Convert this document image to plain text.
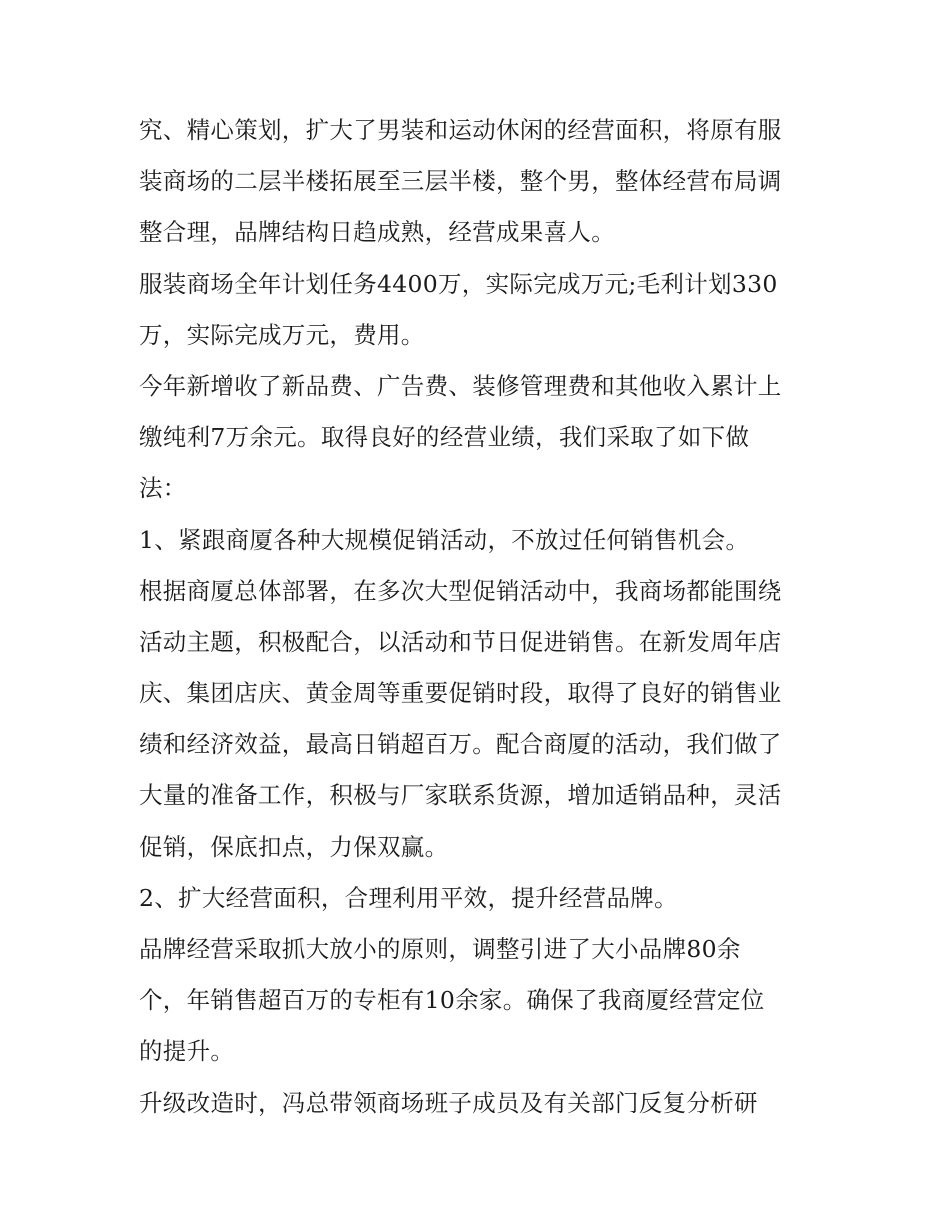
究、精心策划，扩大了男装和运动休闲的经营面积，将原有服
装商场的二层半楼拓展至三层半楼，整个男，整体经营布局调
整合理，品牌结构日趋成熟，经营成果喜人。
服装商场全年计划任务4400万，实际完成万元;毛利计划330
万，实际完成万元，费用。
今年新增收了新品费、广告费、装修管理费和其他收入累计上
缴纯利7万余元。取得良好的经营业绩，我们采取了如下做
法：
1、紧跟商厦各种大规模促销活动，不放过任何销售机会。
根据商厦总体部署，在多次大型促销活动中，我商场都能围绕
活动主题，积极配合，以活动和节日促进销售。在新发周年店
庆、集团店庆、黄金周等重要促销时段，取得了良好的销售业
绩和经济效益，最高日销超百万。配合商厦的活动，我们做了
大量的准备工作，积极与厂家联系货源，增加适销品种，灵活
促销，保底扣点，力保双赢。
2、扩大经营面积，合理利用平效，提升经营品牌。
品牌经营采取抓大放小的原则，调整引进了大小品牌80余
个，年销售超百万的专柜有10余家。确保了我商厦经营定位
的提升。
升级改造时，冯总带领商场班子成员及有关部门反复分析研
